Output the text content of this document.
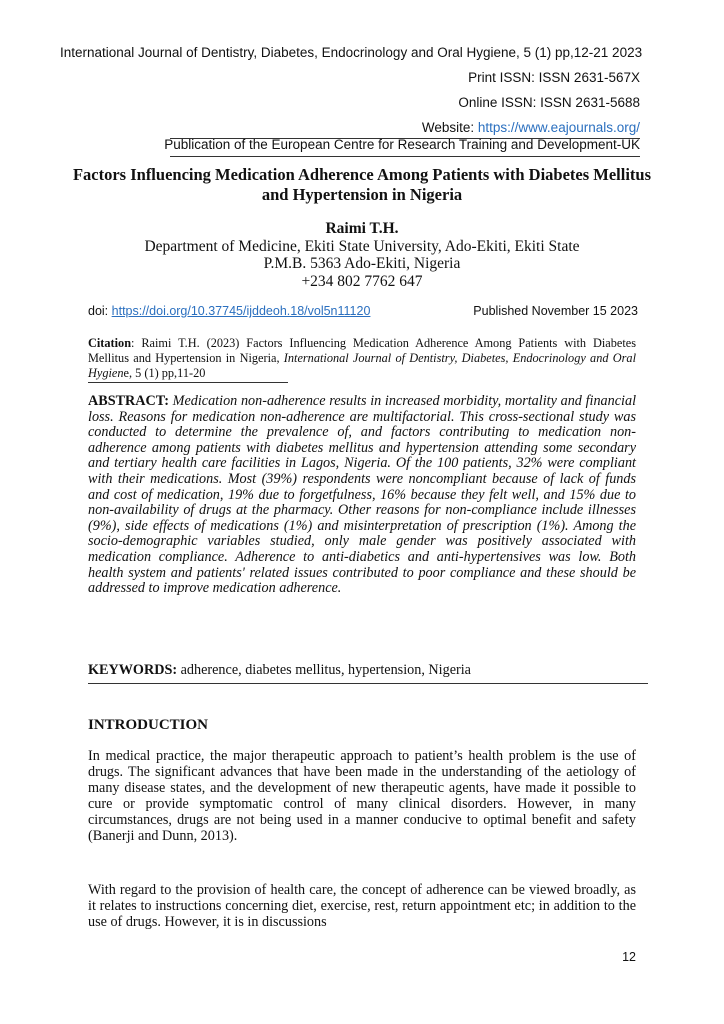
International Journal of Dentistry, Diabetes, Endocrinology and Oral Hygiene, 5 (1) pp,12-21 2023
Print ISSN: ISSN 2631-567X
Online ISSN: ISSN 2631-5688
Website: https://www.eajournals.org/
Publication of the European Centre for Research Training and Development-UK
Factors Influencing Medication Adherence Among Patients with Diabetes Mellitus and Hypertension in Nigeria
Raimi T.H.
Department of Medicine, Ekiti State University, Ado-Ekiti, Ekiti State
P.M.B. 5363 Ado-Ekiti, Nigeria
+234 802 7762 647
doi: https://doi.org/10.37745/ijddeoh.18/vol5n11120	Published November 15 2023
Citation: Raimi T.H. (2023) Factors Influencing Medication Adherence Among Patients with Diabetes Mellitus and Hypertension in Nigeria, International Journal of Dentistry, Diabetes, Endocrinology and Oral Hygiene, 5 (1) pp,11-20
ABSTRACT: Medication non-adherence results in increased morbidity, mortality and financial loss. Reasons for medication non-adherence are multifactorial. This cross-sectional study was conducted to determine the prevalence of, and factors contributing to medication non-adherence among patients with diabetes mellitus and hypertension attending some secondary and tertiary health care facilities in Lagos, Nigeria. Of the 100 patients, 32% were compliant with their medications. Most (39%) respondents were noncompliant because of lack of funds and cost of medication, 19% due to forgetfulness, 16% because they felt well, and 15% due to non-availability of drugs at the pharmacy. Other reasons for non-compliance include illnesses (9%), side effects of medications (1%) and misinterpretation of prescription (1%). Among the socio-demographic variables studied, only male gender was positively associated with medication compliance. Adherence to anti-diabetics and anti-hypertensives was low. Both health system and patients' related issues contributed to poor compliance and these should be addressed to improve medication adherence.
KEYWORDS: adherence, diabetes mellitus, hypertension, Nigeria
INTRODUCTION
In medical practice, the major therapeutic approach to patient’s health problem is the use of drugs. The significant advances that have been made in the understanding of the aetiology of many disease states, and the development of new therapeutic agents, have made it possible to cure or provide symptomatic control of many clinical disorders. However, in many circumstances, drugs are not being used in a manner conducive to optimal benefit and safety (Banerji and Dunn, 2013).
With regard to the provision of health care, the concept of adherence can be viewed broadly, as it relates to instructions concerning diet, exercise, rest, return appointment etc; in addition to the use of drugs. However, it is in discussions
12
